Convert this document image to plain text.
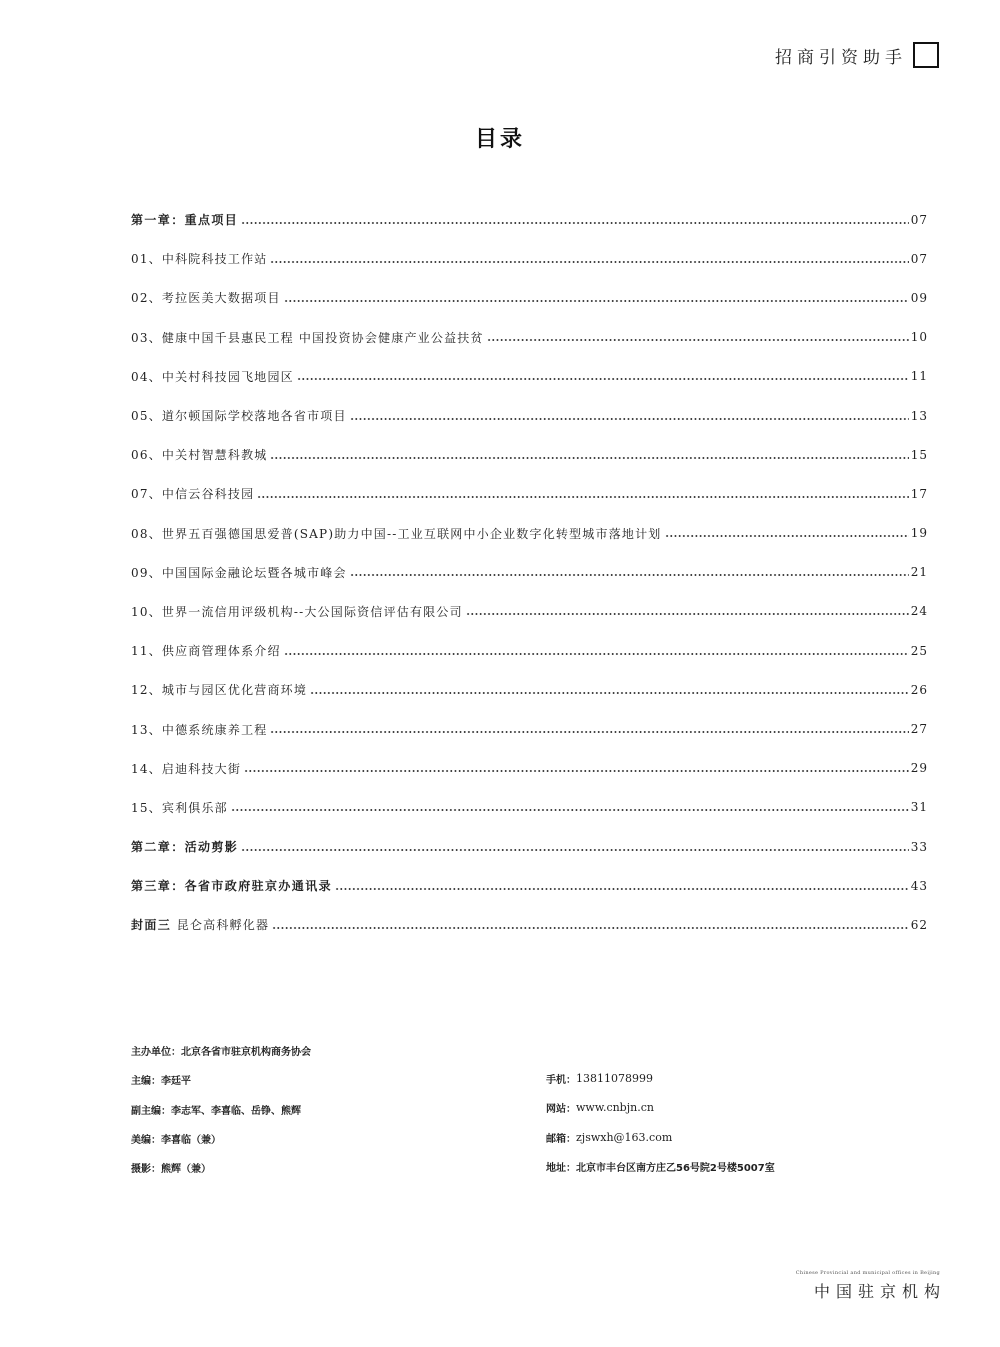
招商引资助手
目录
第一章：重点项目	07
01、中科院科技工作站	07
02、考拉医美大数据项目	09
03、健康中国千县惠民工程 中国投资协会健康产业公益扶贫	10
04、中关村科技园飞地园区	11
05、道尔顿国际学校落地各省市项目	13
06、中关村智慧科教城	15
07、中信云谷科技园	17
08、世界五百强德国思爱普(SAP)助力中国--工业互联网中小企业数字化转型城市落地计划	19
09、中国国际金融论坛暨各城市峰会	21
10、世界一流信用评级机构--大公国际资信评估有限公司	24
11、供应商管理体系介绍	25
12、城市与园区优化营商环境	26
13、中德系统康养工程	27
14、启迪科技大街	29
15、宾利俱乐部	31
第二章：活动剪影	33
第三章：各省市政府驻京办通讯录	43
封面三 昆仑高科孵化器	62
主办单位： 北京各省市驻京机构商务协会
主编： 李廷平
副主编： 李志军、李喜临、岳铮、熊辉
美编： 李喜临（兼）
摄影： 熊辉（兼）
手机： 13811078999
网站： www.cnbjn.cn
邮箱： zjswxh@163.com
地址： 北京市丰台区南方庄乙56号院2号楼5007室
Chinese Provincial and municipal offices in Beijing
中国驻京机构
